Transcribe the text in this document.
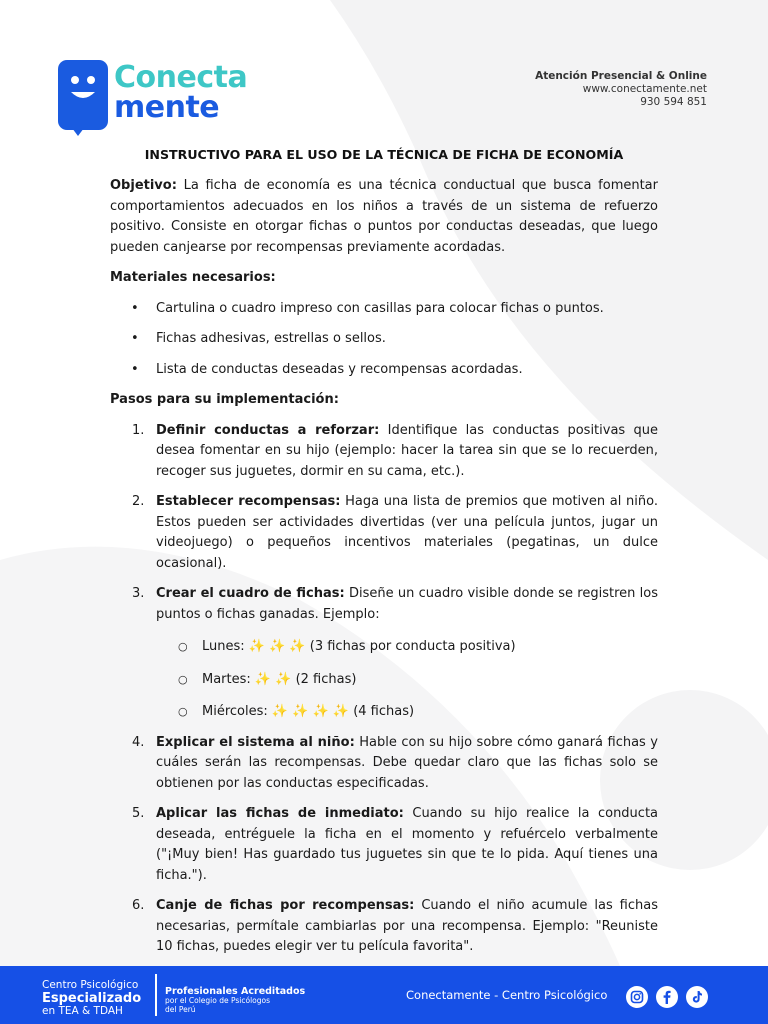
Conecta
mente
Atención Presencial & Online
www.conectamente.net
930 594 851
INSTRUCTIVO PARA EL USO DE LA TÉCNICA DE FICHA DE ECONOMÍA

Objetivo: La ficha de economía es una técnica conductual que busca fomentar comportamientos adecuados en los niños a través de un sistema de refuerzo positivo. Consiste en otorgar fichas o puntos por conductas deseadas, que luego pueden canjearse por recompensas previamente acordadas.

Materiales necesarios:
• Cartulina o cuadro impreso con casillas para colocar fichas o puntos.
• Fichas adhesivas, estrellas o sellos.
• Lista de conductas deseadas y recompensas acordadas.
Pasos para su implementación:
1. Definir conductas a reforzar: Identifique las conductas positivas que desea fomentar en su hijo (ejemplo: hacer la tarea sin que se lo recuerden, recoger sus juguetes, dormir en su cama, etc.).
2. Establecer recompensas: Haga una lista de premios que motiven al niño. Estos pueden ser actividades divertidas (ver una película juntos, jugar un videojuego) o pequeños incentivos materiales (pegatinas, un dulce ocasional).
3. Crear el cuadro de fichas: Diseñe un cuadro visible donde se registren los puntos o fichas ganadas. Ejemplo:
○ Lunes: ✨ ✨ ✨ (3 fichas por conducta positiva)
○ Martes: ✨ ✨ (2 fichas)
○ Miércoles: ✨ ✨ ✨ ✨ (4 fichas)
4. Explicar el sistema al niño: Hable con su hijo sobre cómo ganará fichas y cuáles serán las recompensas. Debe quedar claro que las fichas solo se obtienen por las conductas especificadas.
5. Aplicar las fichas de inmediato: Cuando su hijo realice la conducta deseada, entréguele la ficha en el momento y refuércelo verbalmente ("¡Muy bien! Has guardado tus juguetes sin que te lo pida. Aquí tienes una ficha.").
6. Canje de fichas por recompensas: Cuando el niño acumule las fichas necesarias, permítale cambiarlas por una recompensa. Ejemplo: "Reuniste 10 fichas, puedes elegir ver tu película favorita".
Centro Psicológico
Especializado
en TEA & TDAH
Profesionales Acreditados
por el Colegio de Psicólogos
del Perú
Conectamente - Centro Psicológico
